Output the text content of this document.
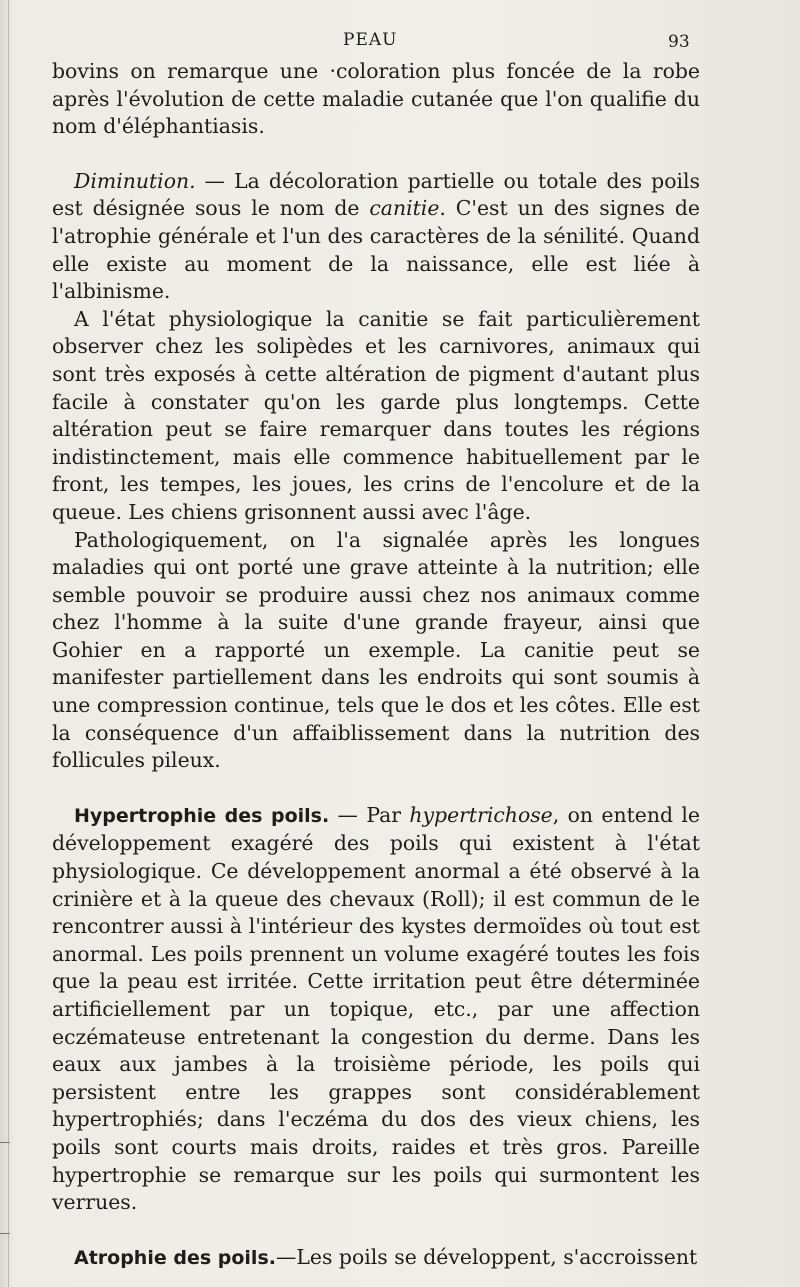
PEAU	93

bovins on remarque une ·coloration plus foncée de la robe après l'évolution de cette maladie cutanée que l'on qualifie du nom d'éléphantiasis.

Diminution. — La décoloration partielle ou totale des poils est désignée sous le nom de canitie. C'est un des signes de l'atrophie générale et l'un des caractères de la sénilité. Quand elle existe au moment de la naissance, elle est liée à l'albinisme.

A l'état physiologique la canitie se fait particulièrement observer chez les solipèdes et les carnivores, animaux qui sont très exposés à cette altération de pigment d'autant plus facile à constater qu'on les garde plus longtemps. Cette altération peut se faire remarquer dans toutes les régions indistinctement, mais elle commence habituellement par le front, les tempes, les joues, les crins de l'encolure et de la queue. Les chiens grisonnent aussi avec l'âge.

Pathologiquement, on l'a signalée après les longues maladies qui ont porté une grave atteinte à la nutrition; elle semble pouvoir se produire aussi chez nos animaux comme chez l'homme à la suite d'une grande frayeur, ainsi que Gohier en a rapporté un exemple. La canitie peut se manifester partiellement dans les endroits qui sont soumis à une compression continue, tels que le dos et les côtes. Elle est la conséquence d'un affaiblissement dans la nutrition des follicules pileux.

Hypertrophie des poils. — Par hypertrichose, on entend le développement exagéré des poils qui existent à l'état physiologique. Ce développement anormal a été observé à la crinière et à la queue des chevaux (Roll); il est commun de le rencontrer aussi à l'intérieur des kystes dermoïdes où tout est anormal. Les poils prennent un volume exagéré toutes les fois que la peau est irritée. Cette irritation peut être déterminée artificiellement par un topique, etc., par une affection eczémateuse entretenant la congestion du derme. Dans les eaux aux jambes à la troisième période, les poils qui persistent entre les grappes sont considérablement hypertrophiés; dans l'eczéma du dos des vieux chiens, les poils sont courts mais droits, raides et très gros. Pareille hypertrophie se remarque sur les poils qui surmontent les verrues.

Atrophie des poils.—Les poils se développent, s'accroissent
